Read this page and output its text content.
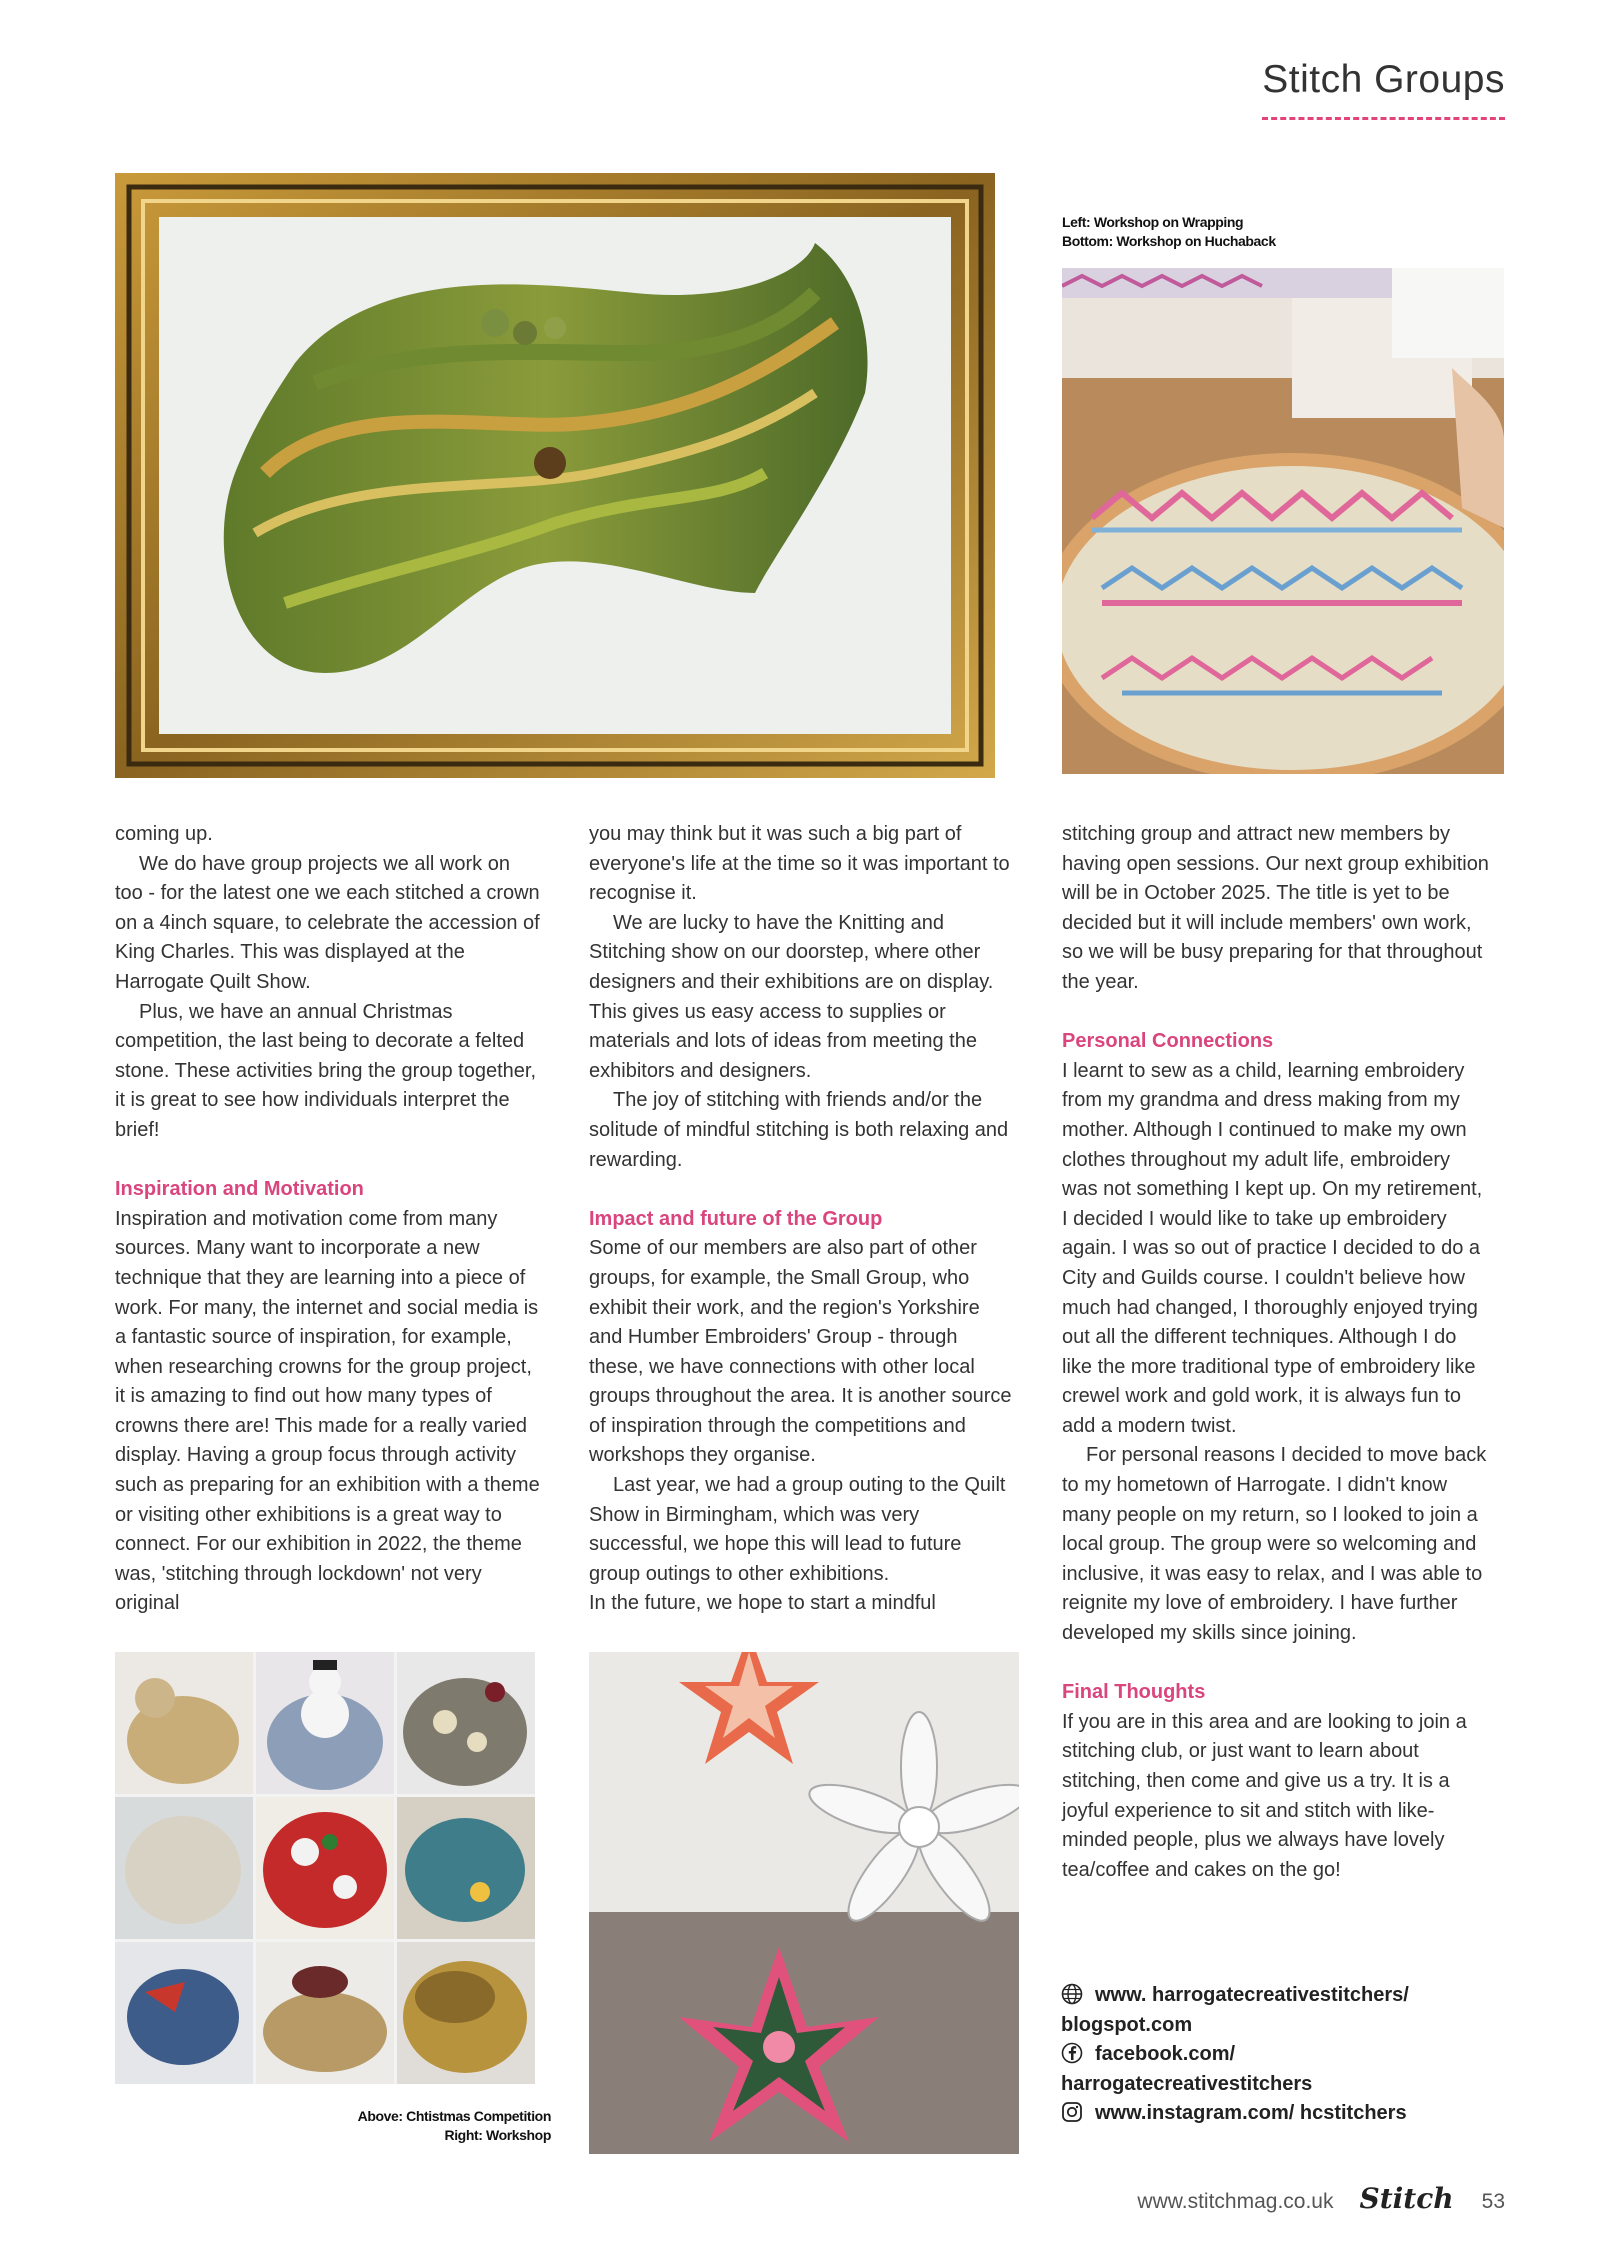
Stitch Groups
Left: Workshop on Wrapping
Bottom: Workshop on Huchaback

coming up.

We do have group projects we all work on too - for the latest one we each stitched a crown on a 4inch square, to celebrate the accession of King Charles. This was displayed at the Harrogate Quilt Show.

Plus, we have an annual Christmas competition, the last being to decorate a felted stone. These activities bring the group together, it is great to see how individuals interpret the brief!

Inspiration and Motivation

Inspiration and motivation come from many sources. Many want to incorporate a new technique that they are learning into a piece of work. For many, the internet and social media is a fantastic source of inspiration, for example, when researching crowns for the group project, it is amazing to find out how many types of crowns there are! This made for a really varied display. Having a group focus through activity such as preparing for an exhibition with a theme or visiting other exhibitions is a great way to connect. For our exhibition in 2022, the theme was, 'stitching through lockdown' not very original

you may think but it was such a big part of everyone's life at the time so it was important to recognise it.

We are lucky to have the Knitting and Stitching show on our doorstep, where other designers and their exhibitions are on display. This gives us easy access to supplies or materials and lots of ideas from meeting the exhibitors and designers.

The joy of stitching with friends and/or the solitude of mindful stitching is both relaxing and rewarding.

Impact and future of the Group

Some of our members are also part of other groups, for example, the Small Group, who exhibit their work, and the region's Yorkshire and Humber Embroiders' Group - through these, we have connections with other local groups throughout the area. It is another source of inspiration through the competitions and workshops they organise.

Last year, we had a group outing to the Quilt Show in Birmingham, which was very successful, we hope this will lead to future group outings to other exhibitions.

In the future, we hope to start a mindful

stitching group and attract new members by having open sessions. Our next group exhibition will be in October 2025. The title is yet to be decided but it will include members' own work, so we will be busy preparing for that throughout the year.

Personal Connections

I learnt to sew as a child, learning embroidery from my grandma and dress making from my mother. Although I continued to make my own clothes throughout my adult life, embroidery was not something I kept up. On my retirement, I decided I would like to take up embroidery again. I was so out of practice I decided to do a City and Guilds course. I couldn't believe how much had changed, I thoroughly enjoyed trying out all the different techniques. Although I do like the more traditional type of embroidery like crewel work and gold work, it is always fun to add a modern twist.

For personal reasons I decided to move back to my hometown of Harrogate. I didn't know many people on my return, so I looked to join a local group. The group were so welcoming and inclusive, it was easy to relax, and I was able to reignite my love of embroidery. I have further developed my skills since joining.

Final Thoughts

If you are in this area and are looking to join a stitching club, or just want to learn about stitching, then come and give us a try. It is a joyful experience to sit and stitch with like-minded people, plus we always have lovely tea/coffee and cakes on the go!

Above: Chtistmas Competition
Right: Workshop
www. harrogatecreativestitchers/
blogspot.com
facebook.com/
harrogatecreativestitchers
www.instagram.com/ hcstitchers
www.stitchmag.co.uk Stitch 53
